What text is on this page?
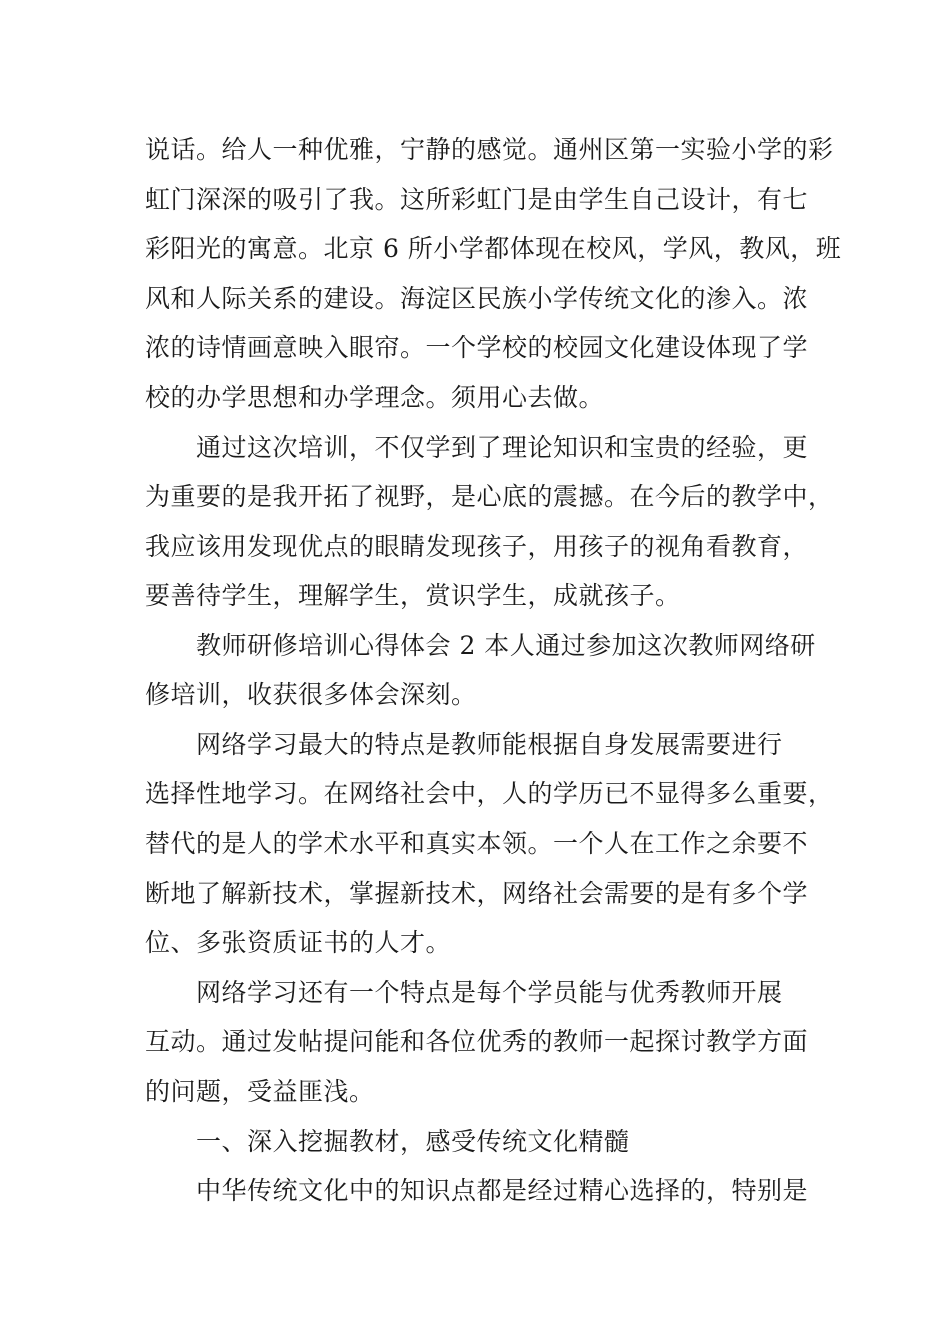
说话。给人一种优雅，宁静的感觉。通州区第一实验小学的彩
虹门深深的吸引了我。这所彩虹门是由学生自己设计，有七
彩阳光的寓意。北京 6 所小学都体现在校风，学风，教风，班
风和人际关系的建设。海淀区民族小学传统文化的渗入。浓
浓的诗情画意映入眼帘。一个学校的校园文化建设体现了学
校的办学思想和办学理念。须用心去做。
通过这次培训，不仅学到了理论知识和宝贵的经验，更
为重要的是我开拓了视野，是心底的震撼。在今后的教学中，
我应该用发现优点的眼睛发现孩子，用孩子的视角看教育，
要善待学生，理解学生，赏识学生，成就孩子。
教师研修培训心得体会 2 本人通过参加这次教师网络研
修培训，收获很多体会深刻。
网络学习最大的特点是教师能根据自身发展需要进行
选择性地学习。在网络社会中，人的学历已不显得多么重要，
替代的是人的学术水平和真实本领。一个人在工作之余要不
断地了解新技术，掌握新技术，网络社会需要的是有多个学
位、多张资质证书的人才。
网络学习还有一个特点是每个学员能与优秀教师开展
互动。通过发帖提问能和各位优秀的教师一起探讨教学方面
的问题，受益匪浅。
一、深入挖掘教材，感受传统文化精髓
中华传统文化中的知识点都是经过精心选择的，特别是
